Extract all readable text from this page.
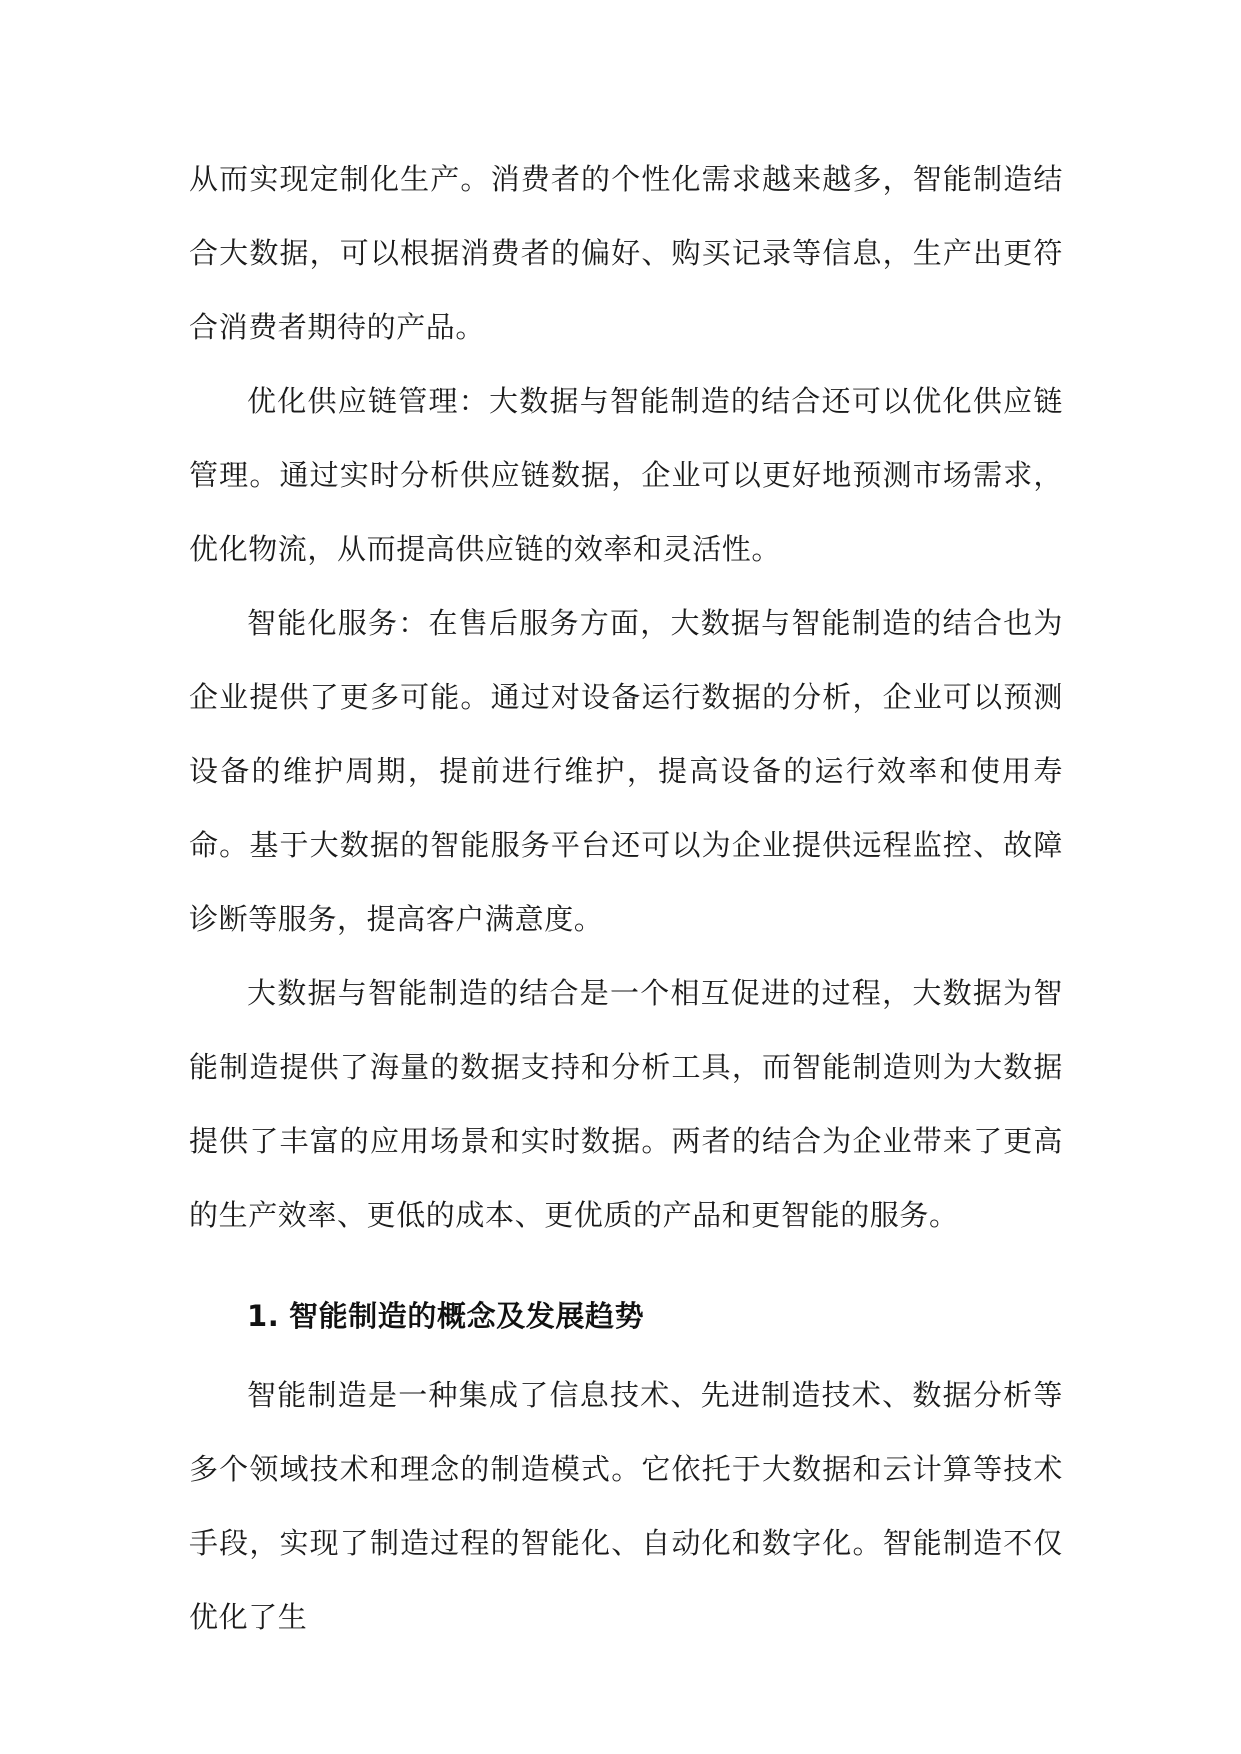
从而实现定制化生产。消费者的个性化需求越来越多，智能制造结合大数据，可以根据消费者的偏好、购买记录等信息，生产出更符合消费者期待的产品。

优化供应链管理：大数据与智能制造的结合还可以优化供应链管理。通过实时分析供应链数据，企业可以更好地预测市场需求，优化物流，从而提高供应链的效率和灵活性。

智能化服务：在售后服务方面，大数据与智能制造的结合也为企业提供了更多可能。通过对设备运行数据的分析，企业可以预测设备的维护周期，提前进行维护，提高设备的运行效率和使用寿命。基于大数据的智能服务平台还可以为企业提供远程监控、故障诊断等服务，提高客户满意度。

大数据与智能制造的结合是一个相互促进的过程，大数据为智能制造提供了海量的数据支持和分析工具，而智能制造则为大数据提供了丰富的应用场景和实时数据。两者的结合为企业带来了更高的生产效率、更低的成本、更优质的产品和更智能的服务。

1. 智能制造的概念及发展趋势

智能制造是一种集成了信息技术、先进制造技术、数据分析等多个领域技术和理念的制造模式。它依托于大数据和云计算等技术手段，实现了制造过程的智能化、自动化和数字化。智能制造不仅优化了生
